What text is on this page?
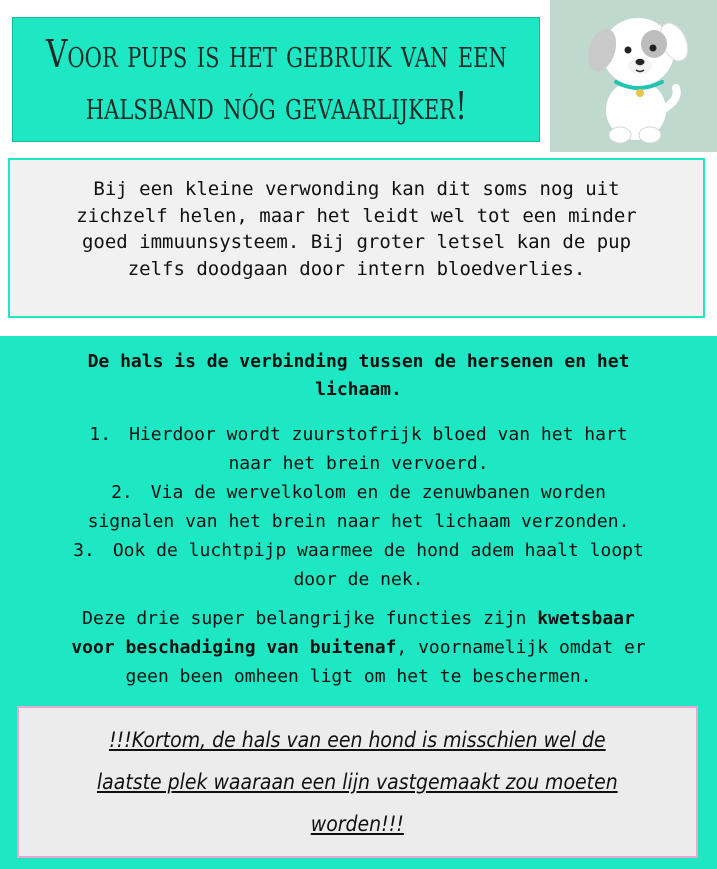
Voor pups is het gebruik van een
halsband nóg gevaarlijker!

Bij een kleine verwonding kan dit soms nog uit
zichzelf helen, maar het leidt wel tot een minder
goed immuunsysteem. Bij groter letsel kan de pup
zelfs doodgaan door intern bloedverlies.

De hals is de verbinding tussen de hersenen en het
lichaam.

1. Hierdoor wordt zuurstofrijk bloed van het hart
naar het brein vervoerd.
2. Via de wervelkolom en de zenuwbanen worden
signalen van het brein naar het lichaam verzonden.
3. Ook de luchtpijp waarmee de hond adem haalt loopt
door de nek.

Deze drie super belangrijke functies zijn kwetsbaar
voor beschadiging van buitenaf, voornamelijk omdat er
geen been omheen ligt om het te beschermen.

!!!Kortom, de hals van een hond is misschien wel de
laatste plek waaraan een lijn vastgemaakt zou moeten
worden!!!
